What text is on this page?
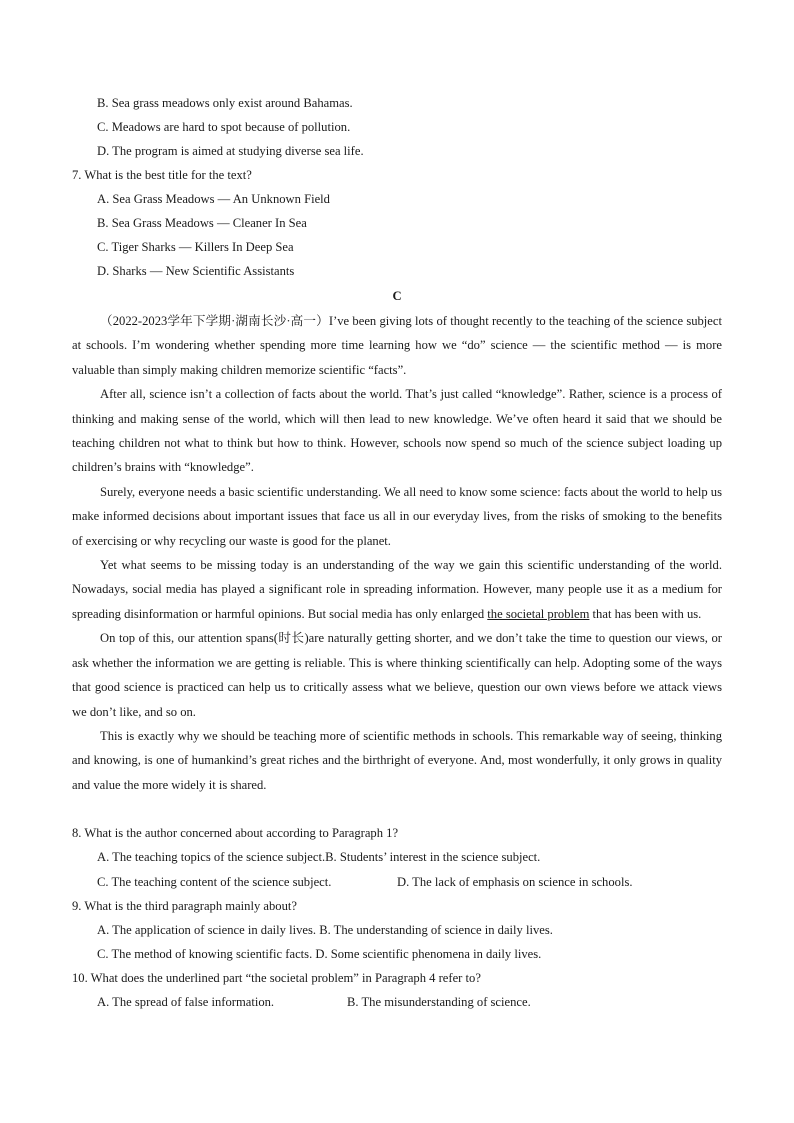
B. Sea grass meadows only exist around Bahamas.
C. Meadows are hard to spot because of pollution.
D. The program is aimed at studying diverse sea life.
7. What is the best title for the text?
A. Sea Grass Meadows — An Unknown Field
B. Sea Grass Meadows — Cleaner In Sea
C. Tiger Sharks — Killers In Deep Sea
D. Sharks — New Scientific Assistants
C

（2022-2023学年下学期·湖南长沙·高一）I’ve been giving lots of thought recently to the teaching of the science subject at schools. I’m wondering whether spending more time learning how we “do” science — the scientific method — is more valuable than simply making children memorize scientific “facts”.

After all, science isn’t a collection of facts about the world. That’s just called “knowledge”. Rather, science is a process of thinking and making sense of the world, which will then lead to new knowledge. We’ve often heard it said that we should be teaching children not what to think but how to think. However, schools now spend so much of the science subject loading up children’s brains with “knowledge”.

Surely, everyone needs a basic scientific understanding. We all need to know some science: facts about the world to help us make informed decisions about important issues that face us all in our everyday lives, from the risks of smoking to the benefits of exercising or why recycling our waste is good for the planet.

Yet what seems to be missing today is an understanding of the way we gain this scientific understanding of the world. Nowadays, social media has played a significant role in spreading information. However, many people use it as a medium for spreading disinformation or harmful opinions. But social media has only enlarged the societal problem that has been with us.

On top of this, our attention spans(时长)are naturally getting shorter, and we don’t take the time to question our views, or ask whether the information we are getting is reliable. This is where thinking scientifically can help. Adopting some of the ways that good science is practiced can help us to critically assess what we believe, question our own views before we attack views we don’t like, and so on.

This is exactly why we should be teaching more of scientific methods in schools. This remarkable way of seeing, thinking and knowing, is one of humankind’s great riches and the birthright of everyone. And, most wonderfully, it only grows in quality and value the more widely it is shared.

8. What is the author concerned about according to Paragraph 1?
A. The teaching topics of the science subject.B. Students’ interest in the science subject.
C. The teaching content of the science subject.	D. The lack of emphasis on science in schools.
9. What is the third paragraph mainly about?
A. The application of science in daily lives. B. The understanding of science in daily lives.
C. The method of knowing scientific facts. D. Some scientific phenomena in daily lives.
10. What does the underlined part “the societal problem” in Paragraph 4 refer to?
A. The spread of false information.	B. The misunderstanding of science.
